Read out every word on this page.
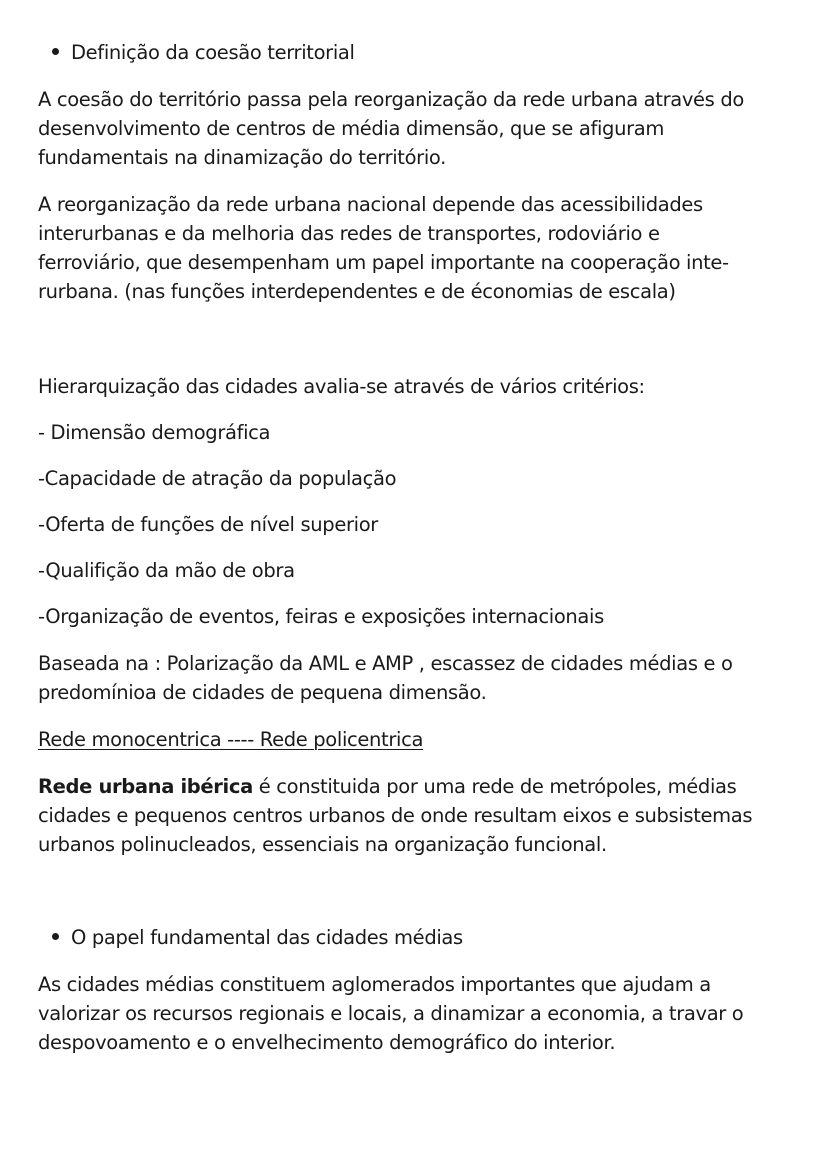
Definição da coesão territorial
A coesão do território passa pela reorganização da rede urbana através do
desenvolvimento de centros de média dimensão, que se afiguram
fundamentais na dinamização do território.
A reorganização da rede urbana nacional depende das acessibilidades
interurbanas e da melhoria das redes de transportes, rodoviário e
ferroviário, que desempenham um papel importante na cooperação inte-
rurbana. (nas funções interdependentes e de économias de escala)
Hierarquização das cidades avalia-se através de vários critérios:
- Dimensão demográfica
-Capacidade de atração da população
-Oferta de funções de nível superior
-Qualifição da mão de obra
-Organização de eventos, feiras e exposições internacionais
Baseada na : Polarização da AML e AMP , escassez de cidades médias e o
predomínioa de cidades de pequena dimensão.
Rede monocentrica ---- Rede policentrica
Rede urbana ibérica é constituida por uma rede de metrópoles, médias
cidades e pequenos centros urbanos de onde resultam eixos e subsistemas
urbanos polinucleados, essenciais na organização funcional.
O papel fundamental das cidades médias
As cidades médias constituem aglomerados importantes que ajudam a
valorizar os recursos regionais e locais, a dinamizar a economia, a travar o
despovoamento e o envelhecimento demográfico do interior.
